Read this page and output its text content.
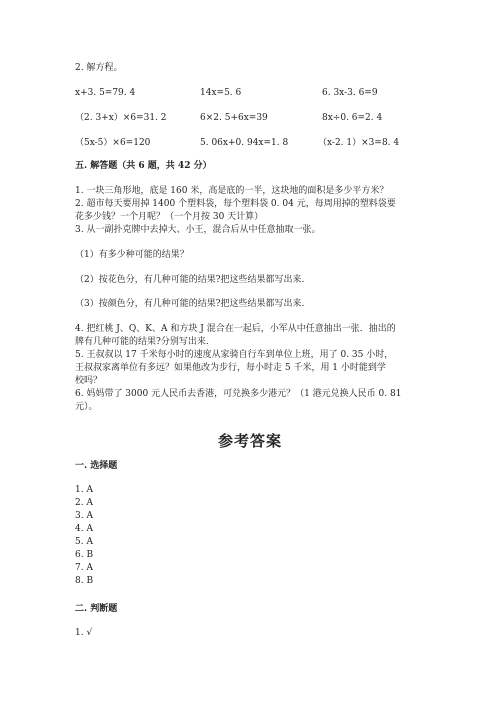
2. 解方程。
x+3. 5=79. 4	14x=5. 6	6. 3x-3. 6=9
（2. 3+x）×6=31. 2	6×2. 5+6x=39	8x÷0. 6=2. 4
（5x-5）×6=120	5. 06x+0. 94x=1. 8	（x-2. 1）×3=8. 4
五. 解答题（共 6 题，共 42 分）
1. 一块三角形地，底是 160 米，高是底的一半，这块地的面积是多少平方米？
2. 超市每天要用掉 1400 个塑料袋，每个塑料袋 0. 04 元，每周用掉的塑料袋要
花多少钱？一个月呢？（一个月按 30 天计算）
3. 从一副扑克牌中去掉大、小王，混合后从中任意抽取一张。
（1）有多少种可能的结果？
（2）按花色分，有几种可能的结果?把这些结果都写出来.
（3）按颜色分，有几种可能的结果?把这些结果都写出来.
4. 把红桃 J、Q、K、A 和方块 J 混合在一起后，小军从中任意抽出一张．抽出的
牌有几种可能的结果?分别写出来.
5. 王叔叔以 17 千米每小时的速度从家骑自行车到单位上班，用了 0. 35 小时，
王叔叔家离单位有多远？如果他改为步行，每小时走 5 千米，用 1 小时能到学
校吗？
6. 妈妈带了 3000 元人民币去香港，可兑换多少港元？（1 港元兑换人民币 0. 81
元）。
参考答案
一. 选择题
1. A
2. A
3. A
4. A
5. A
6. B
7. A
8. B
二. 判断题
1. √
